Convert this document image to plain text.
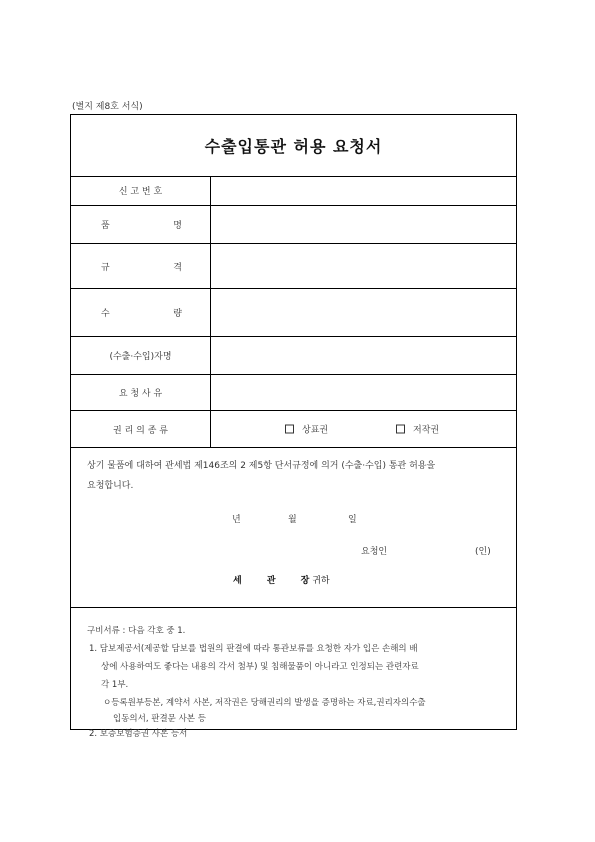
(별지 제8호 서식)
수출입통관 허용 요청서
신 고 번 호
품	명
규	격
수	량
(수출·수입)자명
요 청 사 유
권 리 의 종 류	상표권	저작권
상기 물품에 대하여 관세법 제146조의 2 제5항 단서규정에 의거 (수출·수입) 통관 허용을
요청합니다.
년	월	일
요청인	(인)
세 관 장 귀하
구비서류 : 다음 각호 중 1.
1. 담보제공서(제공할 담보를 법원의 판결에 따라 통관보류를 요청한 자가 입은 손해의 배
상에 사용하여도 좋다는 내용의 각서 첨부) 및 침해물품이 아니라고 인정되는 관련자료
각 1부.
ㅇ등록원부등본, 계약서 사본, 저작권은 당해권리의 발생을 증명하는 자료,권리자의수출
입동의서, 판결문 사본 등
2. 보증보험증권 사본 등서
